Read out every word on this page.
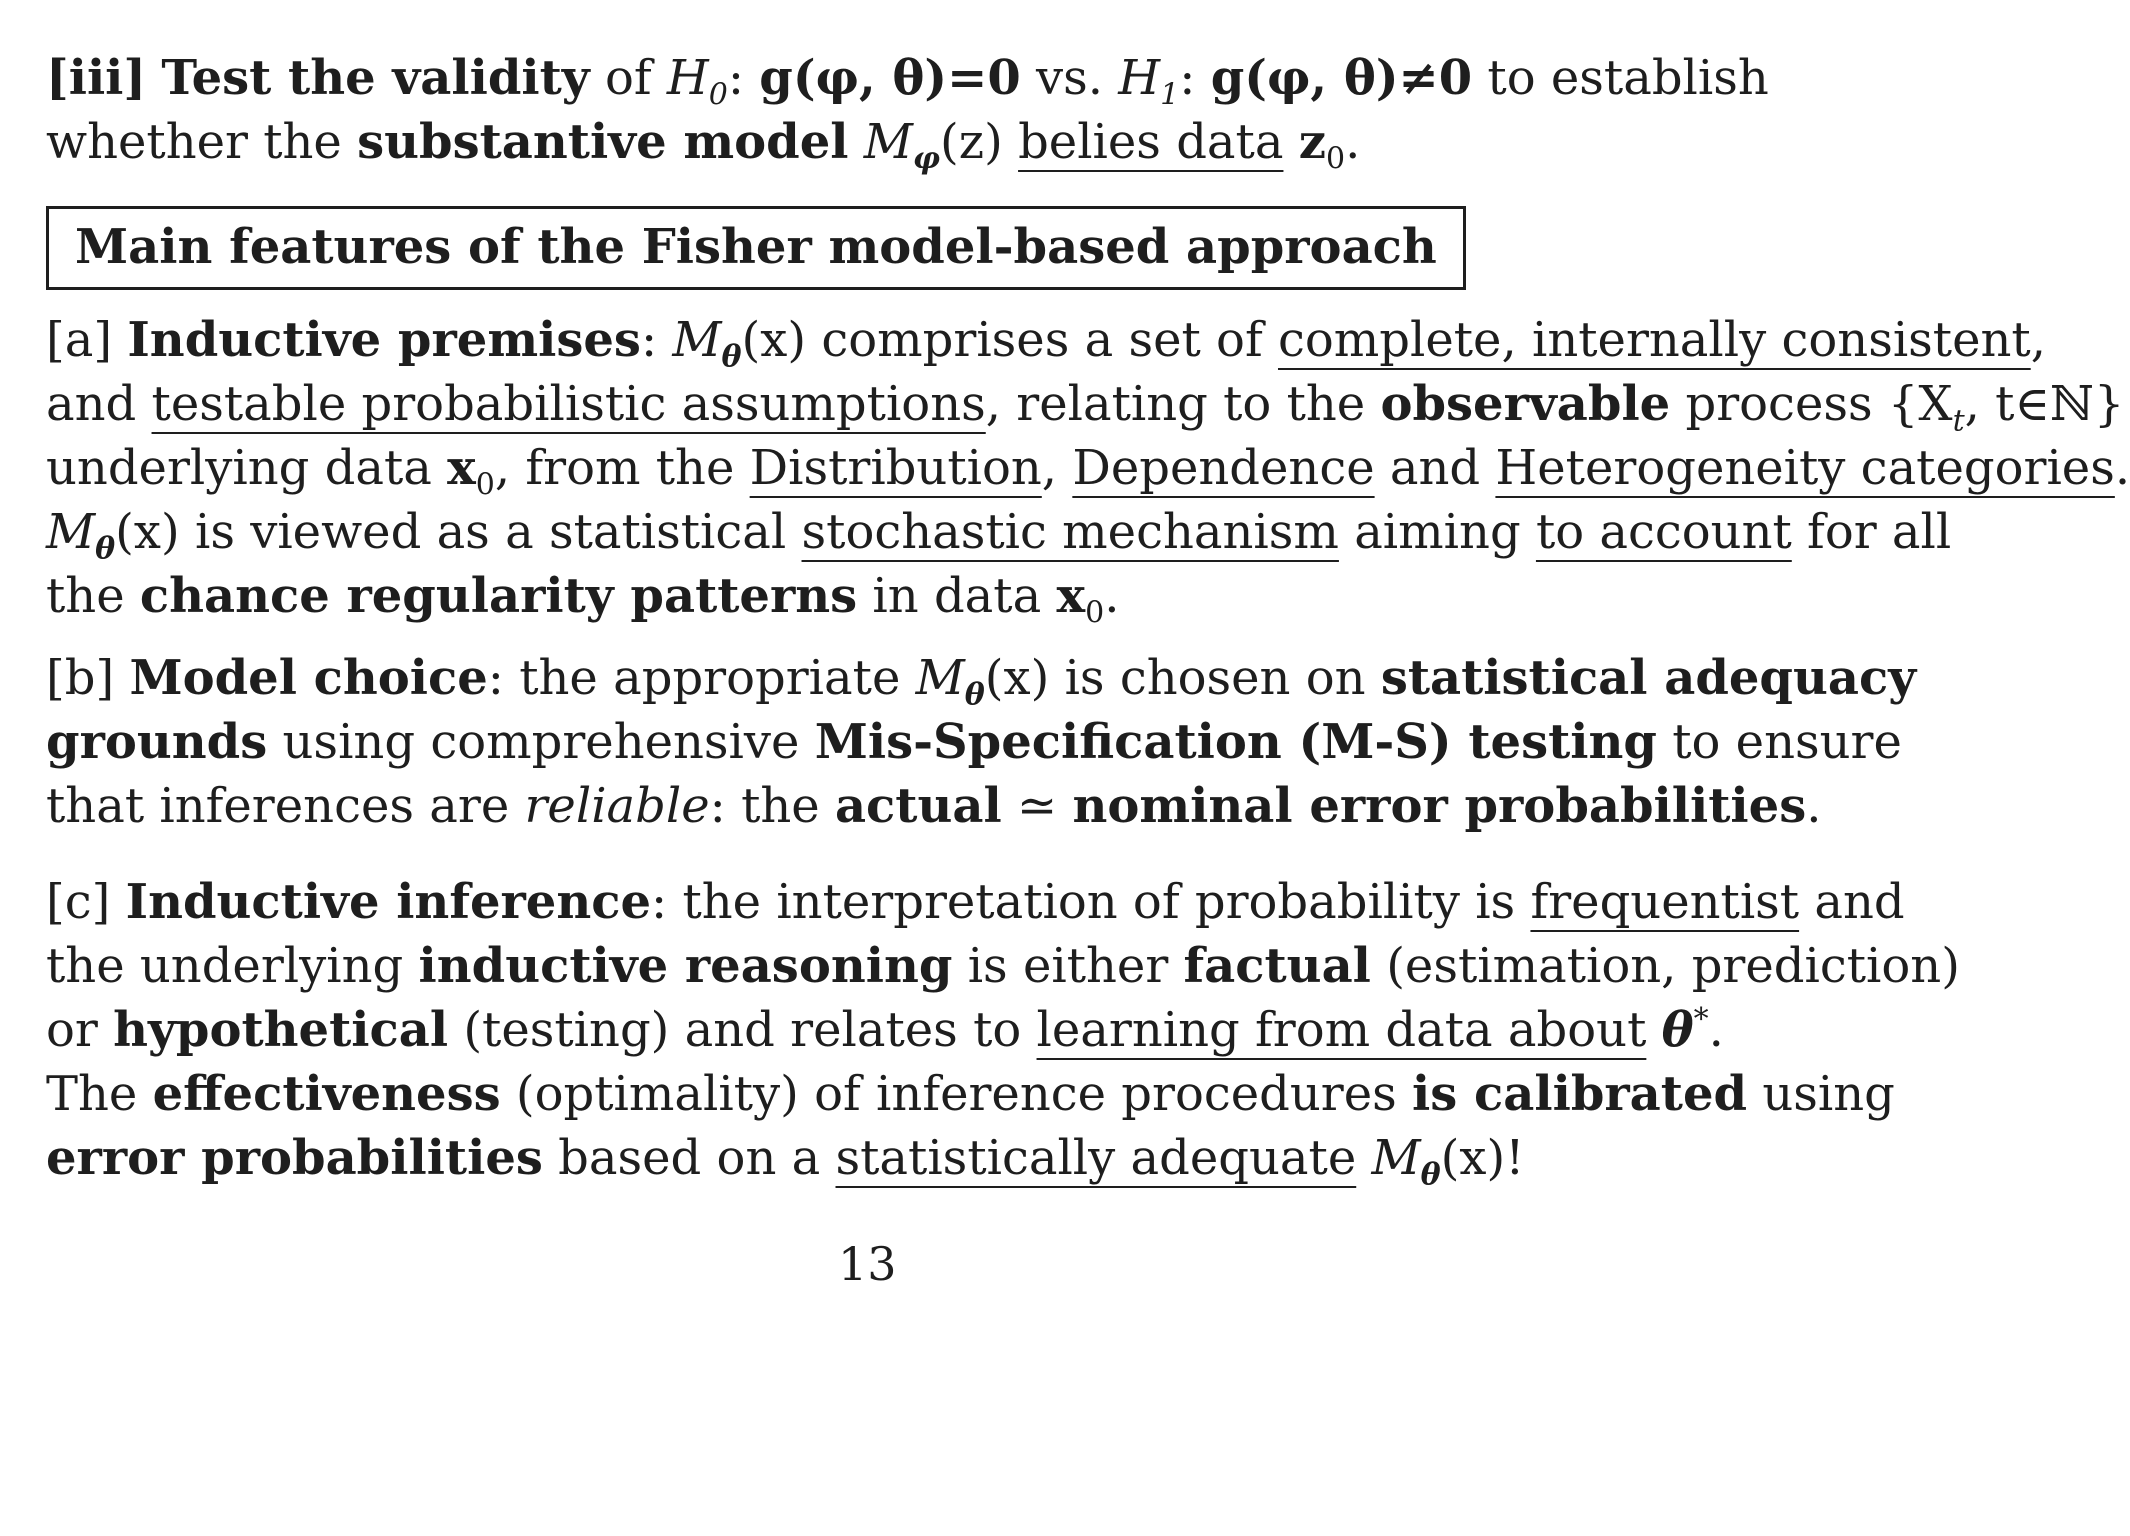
[iii] Test the validity of $H_0$: g(φ, θ)=0 vs. $H_1$: g(φ, θ)≠0 to establish
whether the substantive model $M_\varphi(z)$ belies data $z_0$.
Main features of the Fisher model-based approach
[a] Inductive premises: $M_\theta(x)$ comprises a set of complete, internally consistent,
and testable probabilistic assumptions, relating to the observable process {$X_t$, t∈ℕ}
underlying data $x_0$, from the Distribution, Dependence and Heterogeneity categories.
$M_\theta(x)$ is viewed as a statistical stochastic mechanism aiming to account for all
the chance regularity patterns in data $x_0$.
[b] Model choice: the appropriate $M_\theta(x)$ is chosen on statistical adequacy
grounds using comprehensive Mis-Specification (M-S) testing to ensure
that inferences are reliable: the actual ≃ nominal error probabilities.
[c] Inductive inference: the interpretation of probability is frequentist and
the underlying inductive reasoning is either factual (estimation, prediction)
or hypothetical (testing) and relates to learning from data about θ*.
The effectiveness (optimality) of inference procedures is calibrated using
error probabilities based on a statistically adequate $M_\theta(x)$!
13
